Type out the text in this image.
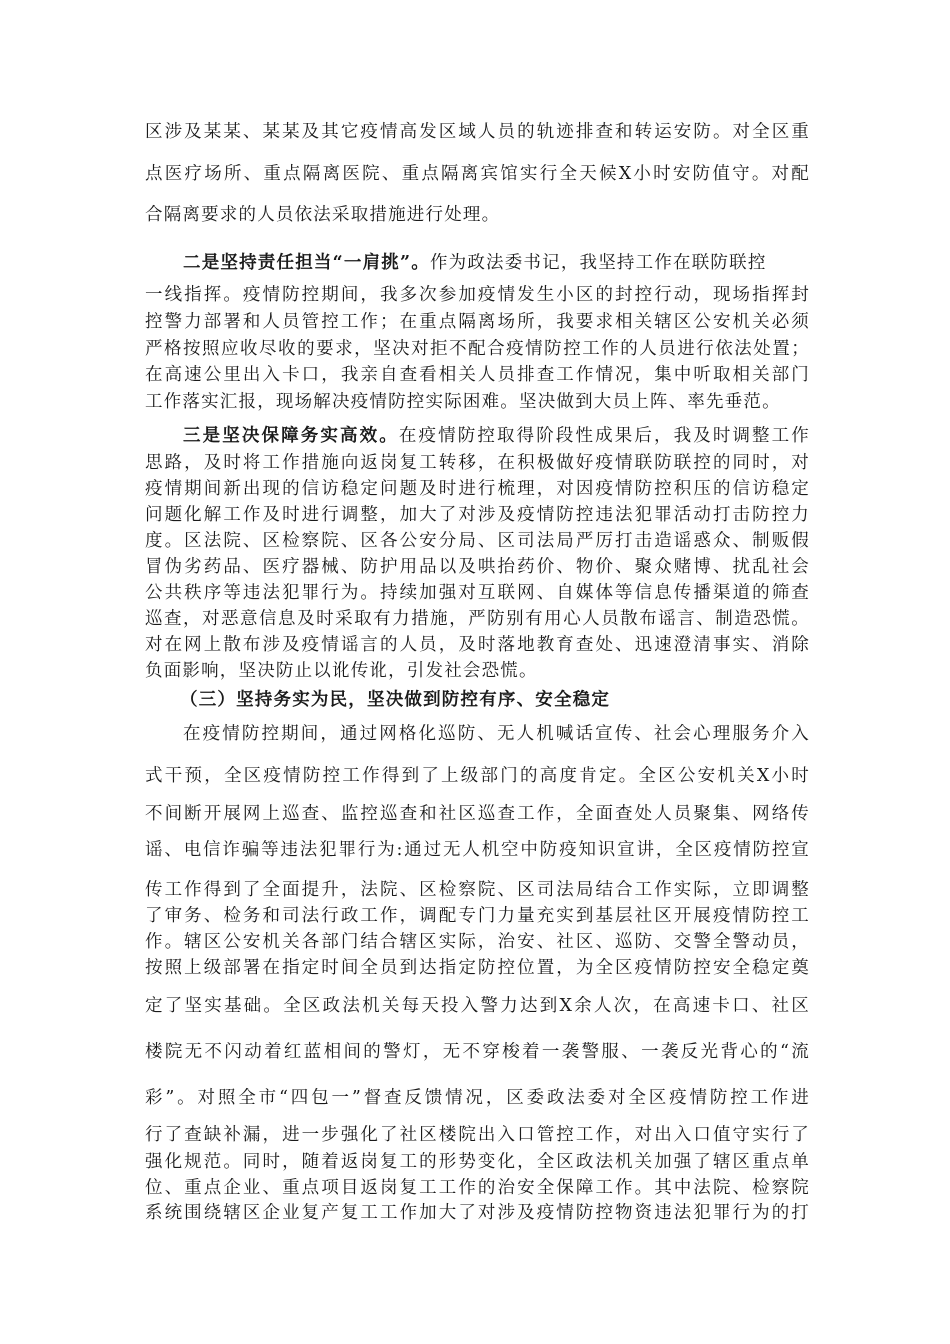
区涉及某某、某某及其它疫情高发区域人员的轨迹排查和转运安防。对全区重
点医疗场所、重点隔离医院、重点隔离宾馆实行全天候X小时安防值守。对配
合隔离要求的人员依法采取措施进行处理。
二是坚持责任担当“一肩挑”。作为政法委书记，我坚持工作在联防联控
一线指挥。疫情防控期间，我多次参加疫情发生小区的封控行动，现场指挥封
控警力部署和人员管控工作；在重点隔离场所，我要求相关辖区公安机关必须
严格按照应收尽收的要求，坚决对拒不配合疫情防控工作的人员进行依法处置；
在高速公里出入卡口，我亲自查看相关人员排查工作情况，集中听取相关部门
工作落实汇报，现场解决疫情防控实际困难。坚决做到大员上阵、率先垂范。
三是坚决保障务实高效。在疫情防控取得阶段性成果后，我及时调整工作
思路，及时将工作措施向返岗复工转移，在积极做好疫情联防联控的同时，对
疫情期间新出现的信访稳定问题及时进行梳理，对因疫情防控积压的信访稳定
问题化解工作及时进行调整，加大了对涉及疫情防控违法犯罪活动打击防控力
度。区法院、区检察院、区各公安分局、区司法局严厉打击造谣惑众、制贩假
冒伪劣药品、医疗器械、防护用品以及哄抬药价、物价、聚众赌博、扰乱社会
公共秩序等违法犯罪行为。持续加强对互联网、自媒体等信息传播渠道的筛查
巡查，对恶意信息及时采取有力措施，严防别有用心人员散布谣言、制造恐慌。
对在网上散布涉及疫情谣言的人员，及时落地教育查处、迅速澄清事实、消除
负面影响，坚决防止以讹传讹，引发社会恐慌。
（三）坚持务实为民，坚决做到防控有序、安全稳定
在疫情防控期间，通过网格化巡防、无人机喊话宣传、社会心理服务介入
式干预，全区疫情防控工作得到了上级部门的高度肯定。全区公安机关X小时
不间断开展网上巡查、监控巡查和社区巡查工作，全面查处人员聚集、网络传
谣、电信诈骗等违法犯罪行为:通过无人机空中防疫知识宣讲，全区疫情防控宣
传工作得到了全面提升，法院、区检察院、区司法局结合工作实际，立即调整
了审务、检务和司法行政工作，调配专门力量充实到基层社区开展疫情防控工
作。辖区公安机关各部门结合辖区实际，治安、社区、巡防、交警全警动员，
按照上级部署在指定时间全员到达指定防控位置，为全区疫情防控安全稳定奠
定了坚实基础。全区政法机关每天投入警力达到X余人次，在高速卡口、社区
楼院无不闪动着红蓝相间的警灯，无不穿梭着一袭警服、一袭反光背心的“流
彩”。对照全市“四包一”督查反馈情况，区委政法委对全区疫情防控工作进
行了查缺补漏，进一步强化了社区楼院出入口管控工作，对出入口值守实行了
强化规范。同时，随着返岗复工的形势变化，全区政法机关加强了辖区重点单
位、重点企业、重点项目返岗复工工作的治安全保障工作。其中法院、检察院
系统围绕辖区企业复产复工工作加大了对涉及疫情防控物资违法犯罪行为的打
